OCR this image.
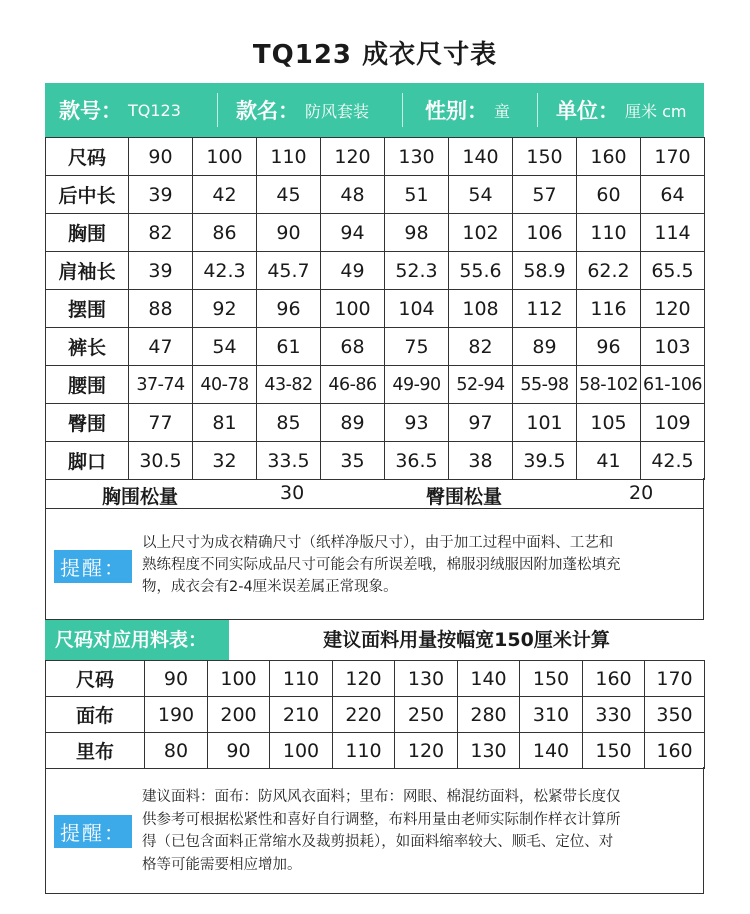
TQ123 成衣尺寸表
款号： TQ123	款名： 防风套装	性别： 童 单位： 厘米 cm
尺码	90	100	110	120	130	140	150	160	170
后中长	39	42	45	48	51	54	57	60	64
胸围	82	86	90	94	98	102	106	110	114
肩袖长	39	42.3	45.7	49	52.3	55.6	58.9	62.2	65.5
摆围	88	92	96	100	104	108	112	116	120
裤长	47	54	61	68	75	82	89	96	103
腰围	37-74	40-78	43-82	46-86	49-90	52-94	55-98	58-102	61-106
臀围	77	81	85	89	93	97	101	105	109
脚口	30.5	32	33.5	35	36.5	38	39.5	41	42.5
胸围松量	30	臀围松量	20
提醒：
以上尺寸为成衣精确尺寸（纸样净版尺寸），由于加工过程中面料、工艺和
熟练程度不同实际成品尺寸可能会有所误差哦，棉服羽绒服因附加蓬松填充
物，成衣会有2-4厘米误差属正常现象。
尺码对应用料表：	建议面料用量按幅宽150厘米计算
尺码	90	100	110	120	130	140	150	160	170
面布	190	200	210	220	250	280	310	330	350
里布	80	90	100	110	120	130	140	150	160
提醒：
建议面料：面布：防风风衣面料；里布：网眼、棉混纺面料，松紧带长度仅
供参考可根据松紧性和喜好自行调整，布料用量由老师实际制作样衣计算所
得（已包含面料正常缩水及裁剪损耗），如面料缩率较大、顺毛、定位、对
格等可能需要相应增加。
